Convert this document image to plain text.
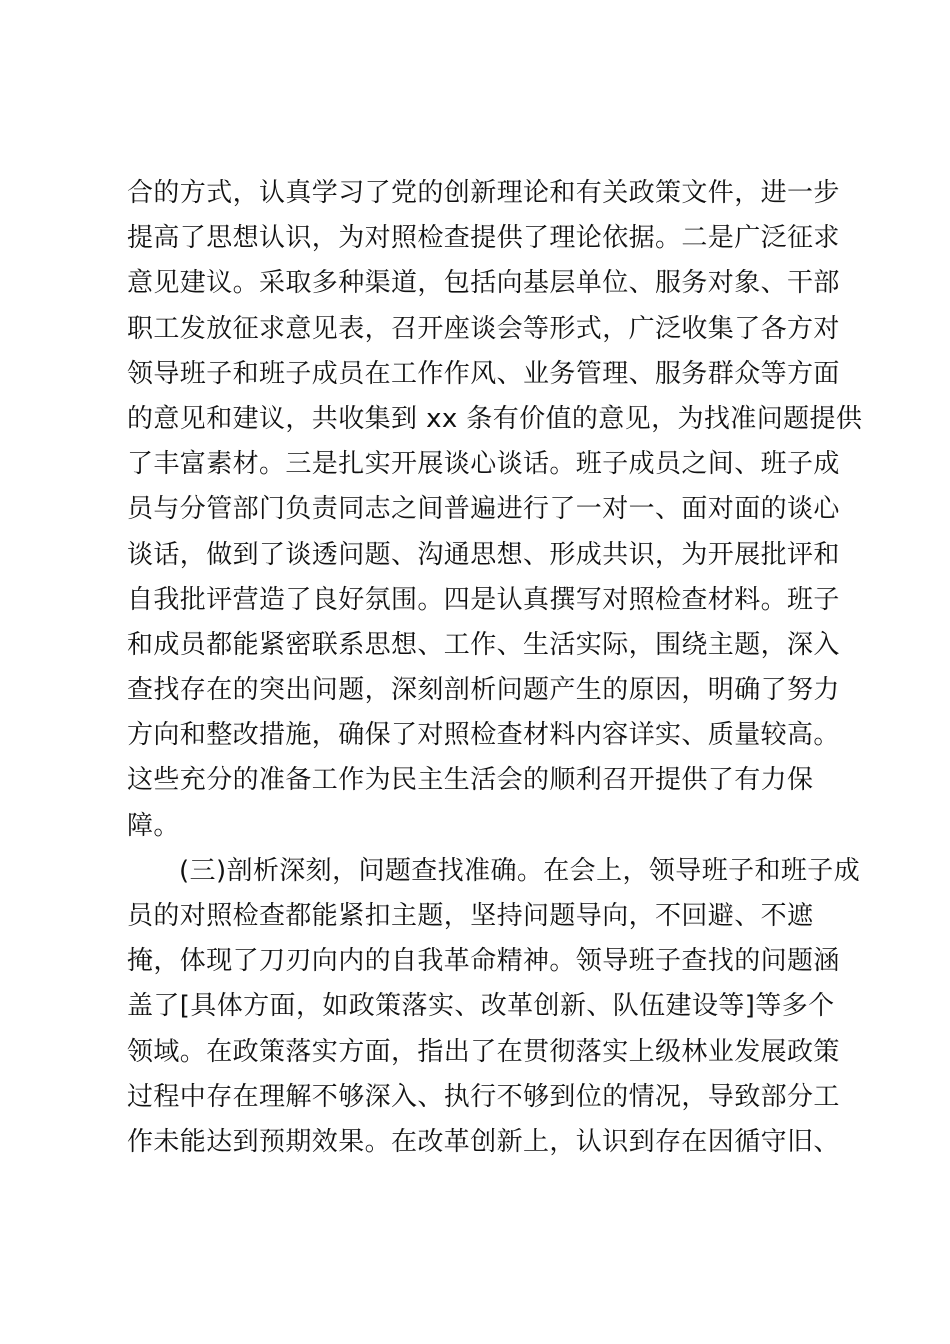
合的方式，认真学习了党的创新理论和有关政策文件，进一步
提高了思想认识，为对照检查提供了理论依据。二是广泛征求
意见建议。采取多种渠道，包括向基层单位、服务对象、干部
职工发放征求意见表，召开座谈会等形式，广泛收集了各方对
领导班子和班子成员在工作作风、业务管理、服务群众等方面
的意见和建议，共收集到 xx 条有价值的意见，为找准问题提供
了丰富素材。三是扎实开展谈心谈话。班子成员之间、班子成
员与分管部门负责同志之间普遍进行了一对一、面对面的谈心
谈话，做到了谈透问题、沟通思想、形成共识，为开展批评和
自我批评营造了良好氛围。四是认真撰写对照检查材料。班子
和成员都能紧密联系思想、工作、生活实际，围绕主题，深入
查找存在的突出问题，深刻剖析问题产生的原因，明确了努力
方向和整改措施，确保了对照检查材料内容详实、质量较高。
这些充分的准备工作为民主生活会的顺利召开提供了有力保
障。
(三)剖析深刻，问题查找准确。在会上，领导班子和班子成
员的对照检查都能紧扣主题，坚持问题导向，不回避、不遮
掩，体现了刀刃向内的自我革命精神。领导班子查找的问题涵
盖了[具体方面，如政策落实、改革创新、队伍建设等]等多个
领域。在政策落实方面，指出了在贯彻落实上级林业发展政策
过程中存在理解不够深入、执行不够到位的情况，导致部分工
作未能达到预期效果。在改革创新上，认识到存在因循守旧、
